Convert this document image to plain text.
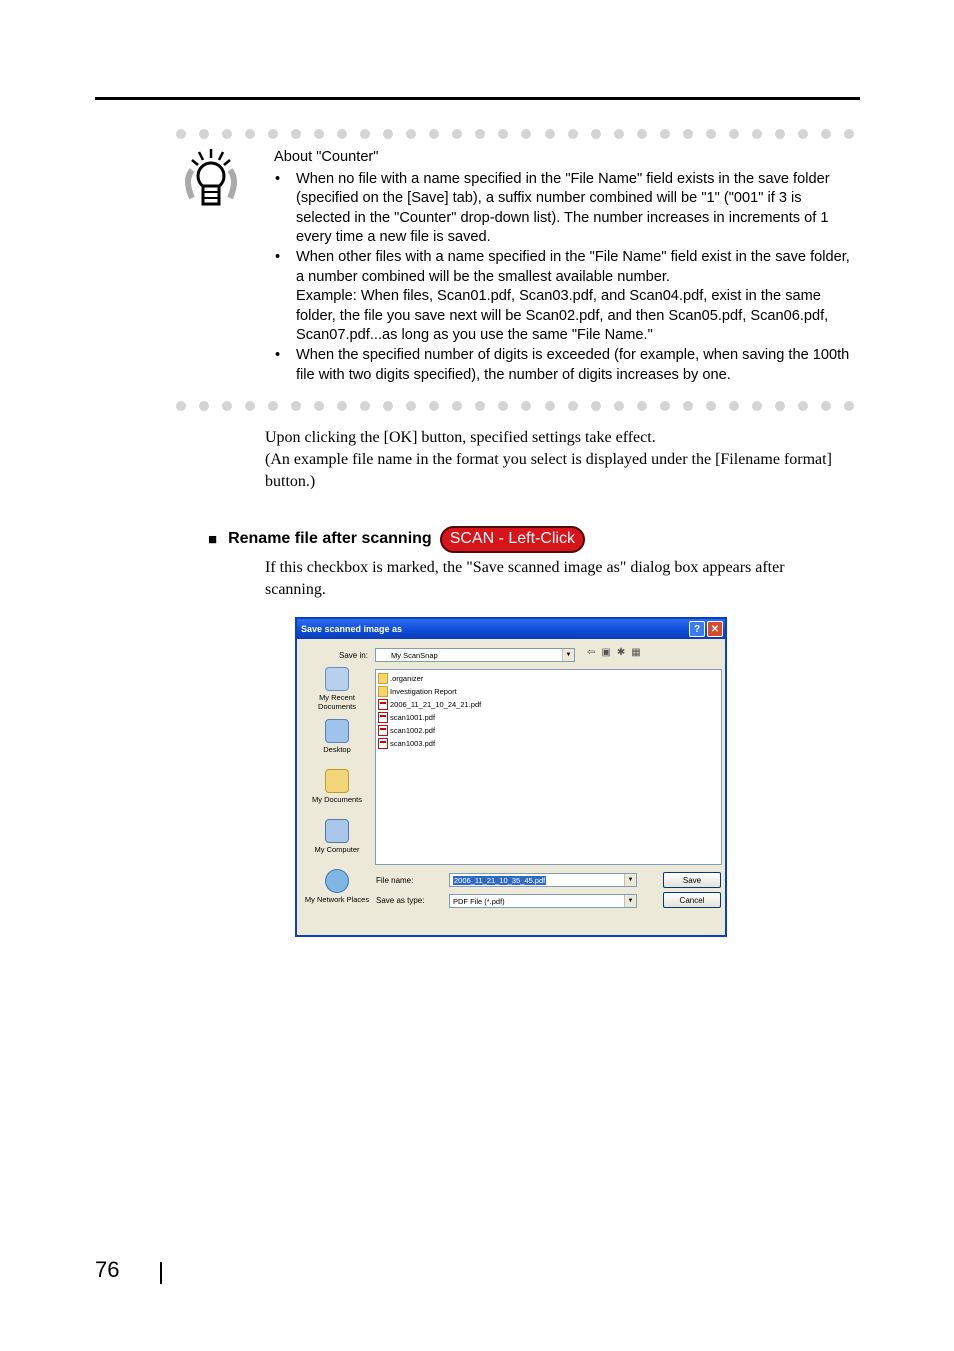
About "Counter"
• When no file with a name specified in the "File Name" field exists in the save folder (specified on the [Save] tab), a suffix number combined will be "1" ("001" if 3 is selected in the "Counter" drop-down list). The number increases in increments of 1 every time a new file is saved.
• When other files with a name specified in the "File Name" field exist in the save folder, a number combined will be the smallest available number.
Example: When files, Scan01.pdf, Scan03.pdf, and Scan04.pdf, exist in the same folder, the file you save next will be Scan02.pdf, and then Scan05.pdf, Scan06.pdf, Scan07.pdf...as long as you use the same "File Name."
• When the specified number of digits is exceeded (for example, when saving the 100th file with two digits specified), the number of digits increases by one.
Upon clicking the [OK] button, specified settings take effect.
(An example file name in the format you select is displayed under the [Filename format] button.)
■ Rename file after scanning	SCAN - Left-Click
If this checkbox is marked, the "Save scanned image as" dialog box appears after scanning.
Save scanned image as	?	✕
Save in:	My ScanSnap	▼ ⇦ ▣ ✱ ▦
My Recent Documents
Desktop
My Documents
My Computer
My Network Places
.organizer
Investigation Report
2006_11_21_10_24_21.pdf
scan1001.pdf
scan1002.pdf
scan1003.pdf
File name:	2006_11_21_10_35_45.pdf	▼	Save
Save as type:	PDF File (*.pdf)	▼	Cancel
76
